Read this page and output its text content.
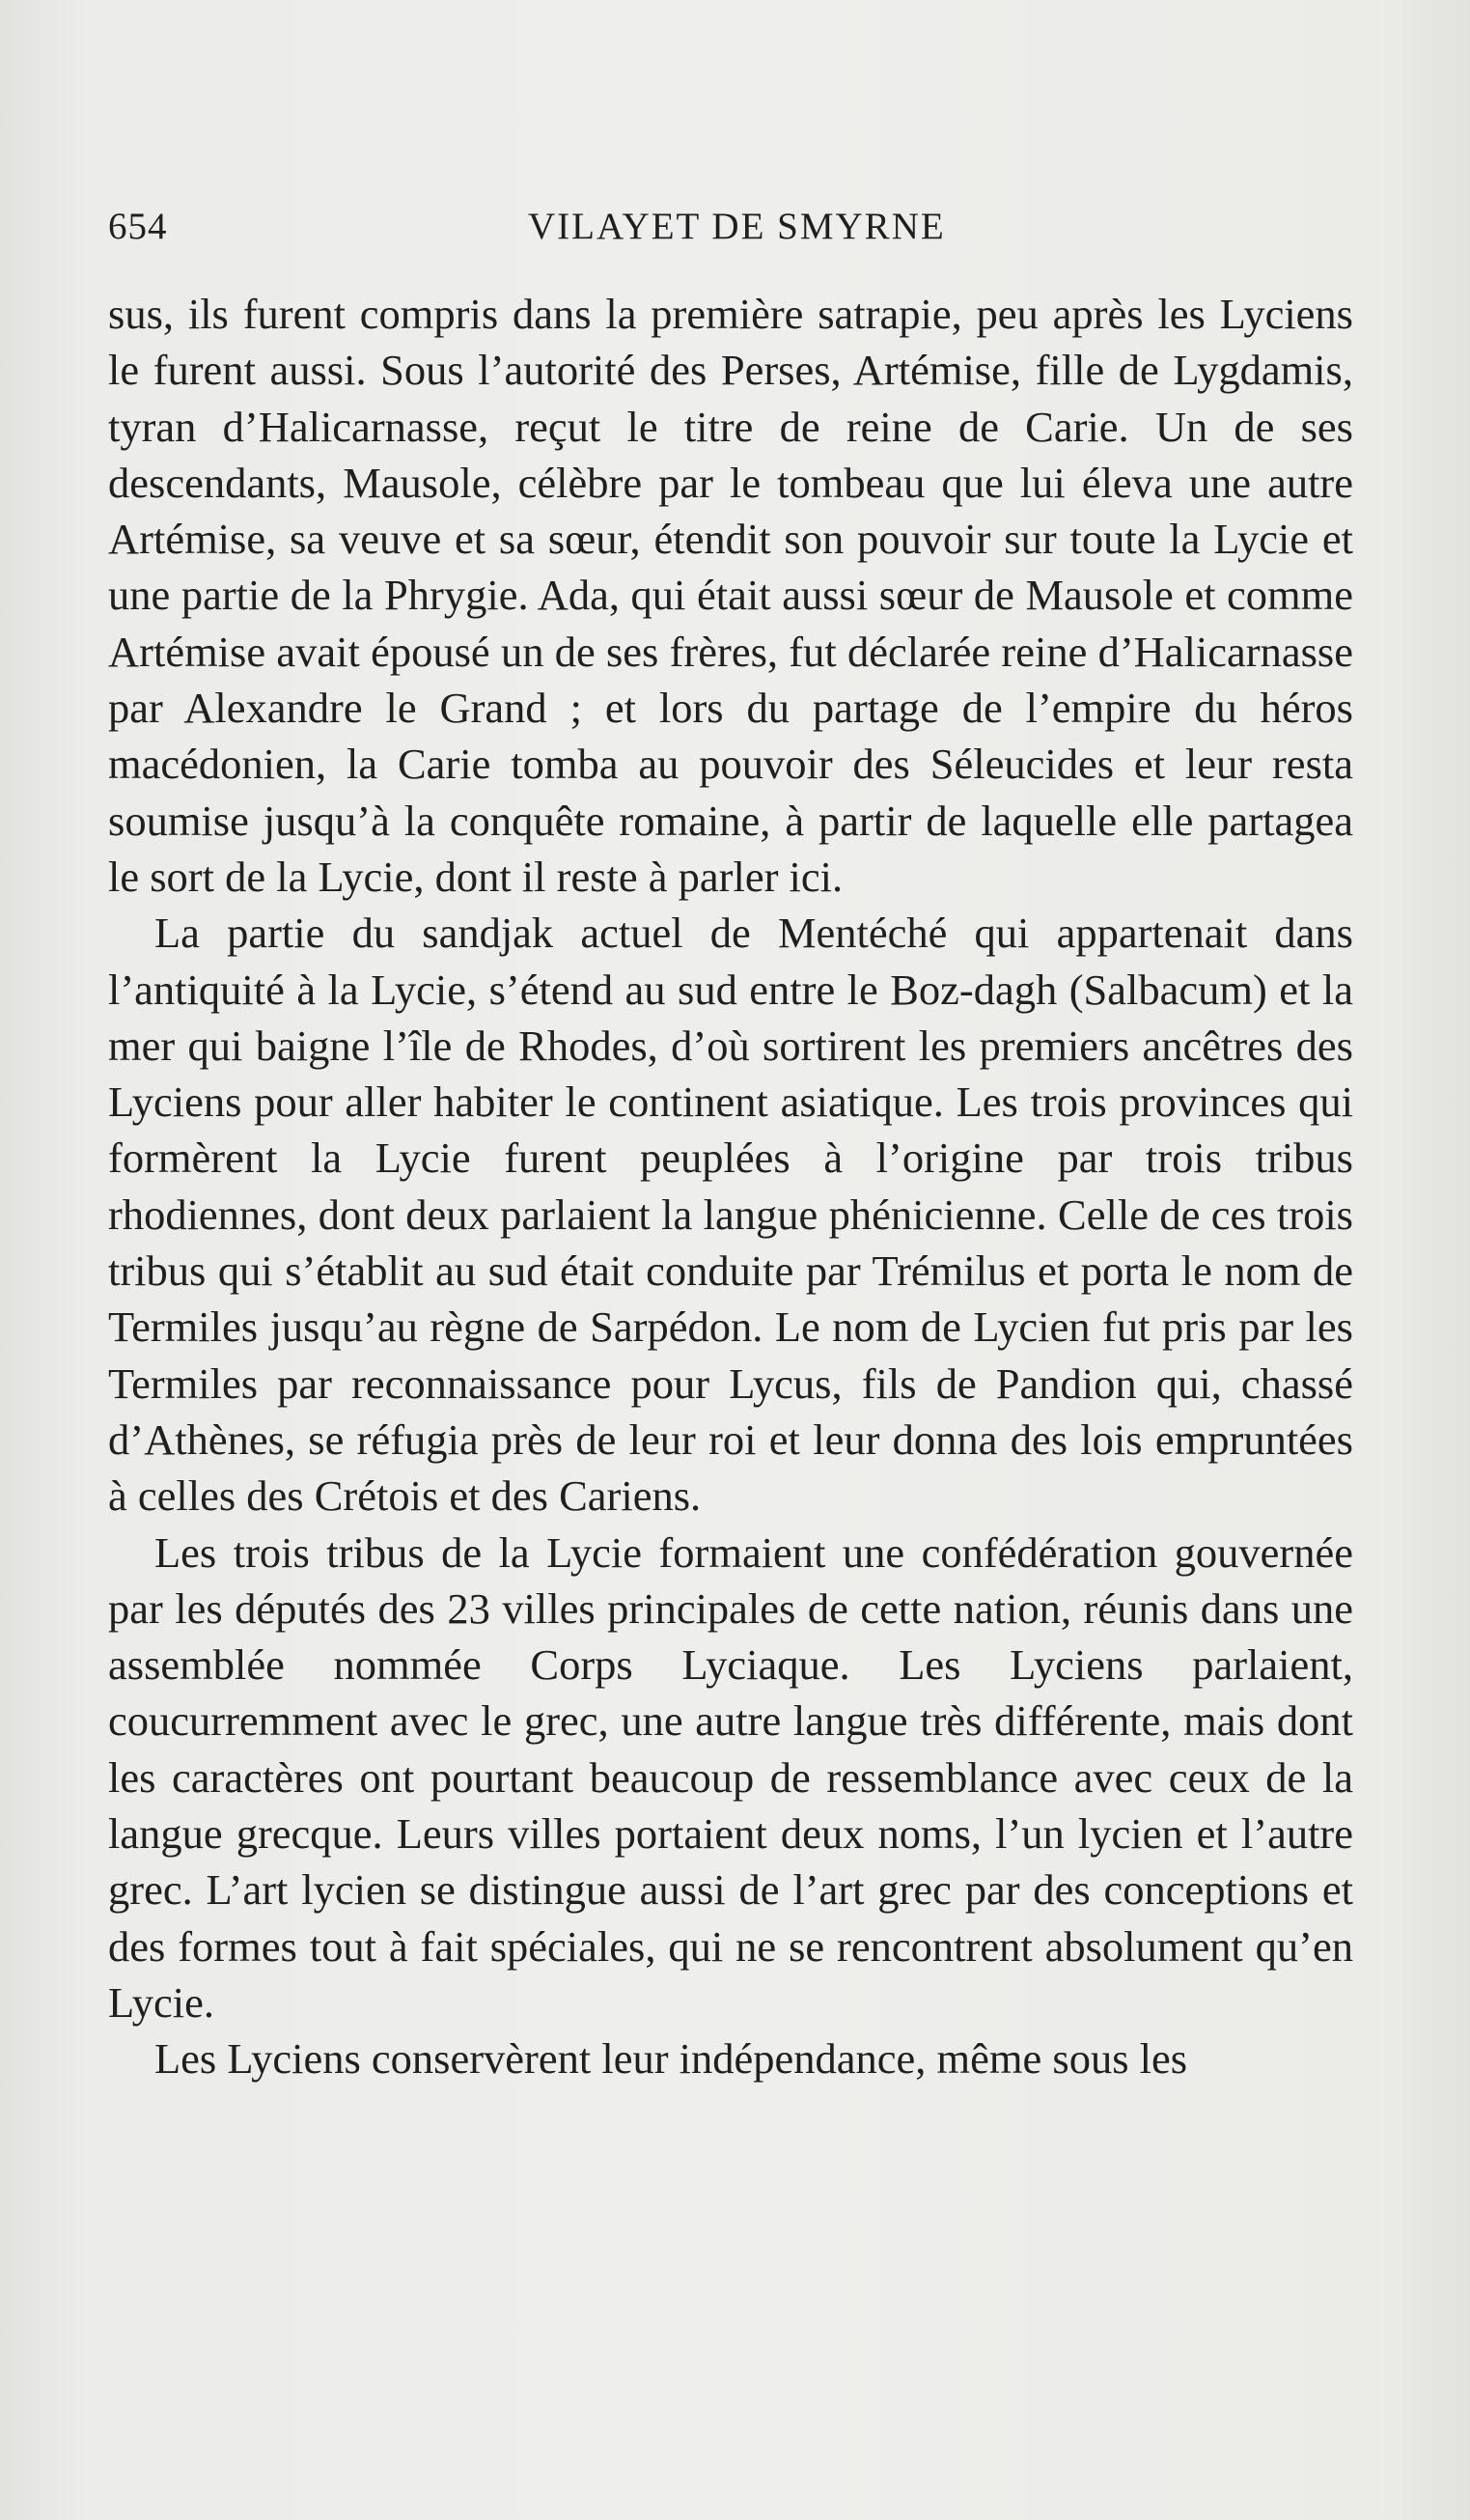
654	VILAYET DE SMYRNE

sus, ils furent compris dans la première satrapie, peu après les Lyciens le furent aussi. Sous l’autorité des Perses, Artémise, fille de Lygdamis, tyran d’Halicarnasse, reçut le titre de reine de Carie. Un de ses descendants, Mausole, célèbre par le tombeau que lui éleva une autre Artémise, sa veuve et sa sœur, étendit son pouvoir sur toute la Lycie et une partie de la Phrygie. Ada, qui était aussi sœur de Mausole et comme Artémise avait épousé un de ses frères, fut déclarée reine d’Halicarnasse par Alexandre le Grand ; et lors du partage de l’empire du héros macédonien, la Carie tomba au pouvoir des Séleucides et leur resta soumise jusqu’à la conquête romaine, à partir de laquelle elle partagea le sort de la Lycie, dont il reste à parler ici.

La partie du sandjak actuel de Mentéché qui appartenait dans l’antiquité à la Lycie, s’étend au sud entre le Boz-dagh (Salbacum) et la mer qui baigne l’île de Rhodes, d’où sortirent les premiers ancêtres des Lyciens pour aller habiter le continent asiatique. Les trois provinces qui formèrent la Lycie furent peuplées à l’origine par trois tribus rhodiennes, dont deux parlaient la langue phénicienne. Celle de ces trois tribus qui s’établit au sud était conduite par Trémilus et porta le nom de Termiles jusqu’au règne de Sarpédon. Le nom de Lycien fut pris par les Termiles par reconnaissance pour Lycus, fils de Pandion qui, chassé d’Athènes, se réfugia près de leur roi et leur donna des lois empruntées à celles des Crétois et des Cariens.

Les trois tribus de la Lycie formaient une confédération gouvernée par les députés des 23 villes principales de cette nation, réunis dans une assemblée nommée Corps Lyciaque. Les Lyciens parlaient, coucurremment avec le grec, une autre langue très différente, mais dont les caractères ont pourtant beaucoup de ressemblance avec ceux de la langue grecque. Leurs villes portaient deux noms, l’un lycien et l’autre grec. L’art lycien se distingue aussi de l’art grec par des conceptions et des formes tout à fait spéciales, qui ne se rencontrent absolument qu’en Lycie.

Les Lyciens conservèrent leur indépendance, même sous les
